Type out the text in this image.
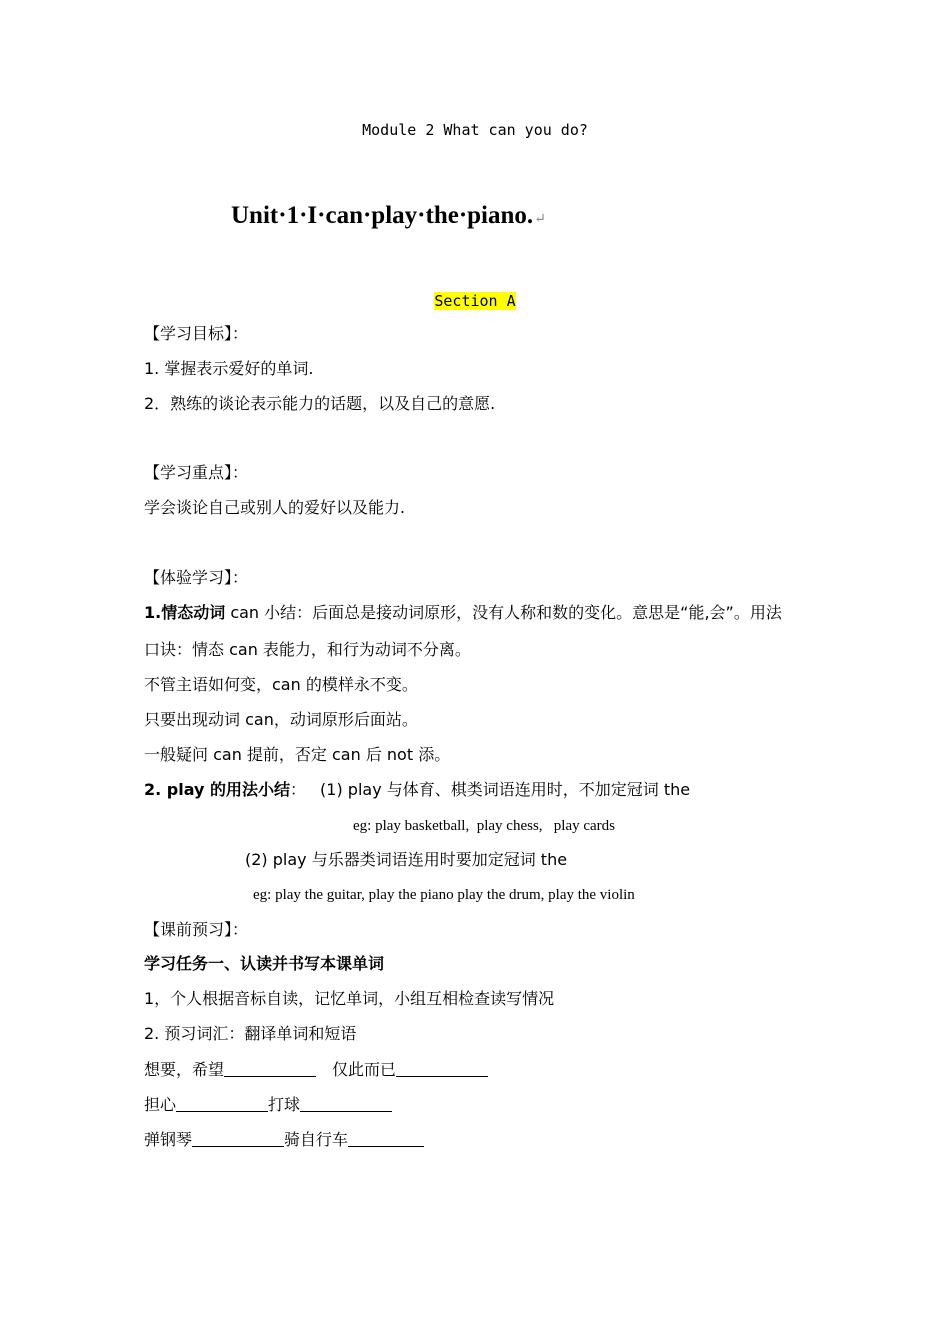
Module 2 What can you do?
Unit·1·I·can·play·the·piano.↵
Section A
【学习目标】：
1. 掌握表示爱好的单词.
2．熟练的谈论表示能力的话题，以及自己的意愿.
【学习重点】：
学会谈论自己或别人的爱好以及能力.
【体验学习】：
1.情态动词 can 小结：后面总是接动词原形，没有人称和数的变化。意思是“能,会”。用法
口诀：情态 can 表能力，和行为动词不分离。
不管主语如何变，can 的模样永不变。
只要出现动词 can，动词原形后面站。
一般疑问 can 提前，否定 can 后 not 添。
2. play 的用法小结： (1) play 与体育、棋类词语连用时，不加定冠词 the
eg: play basketball,  play chess,   play cards
(2) play 与乐器类词语连用时要加定冠词 the
eg: play the guitar, play the piano play the drum, play the violin
【课前预习】：
学习任务一、认读并书写本课单词
1，个人根据音标自读，记忆单词，小组互相检查读写情况
2. 预习词汇：翻译单词和短语
想要，希望	仅此而已
担心	打球
弹钢琴	骑自行车
